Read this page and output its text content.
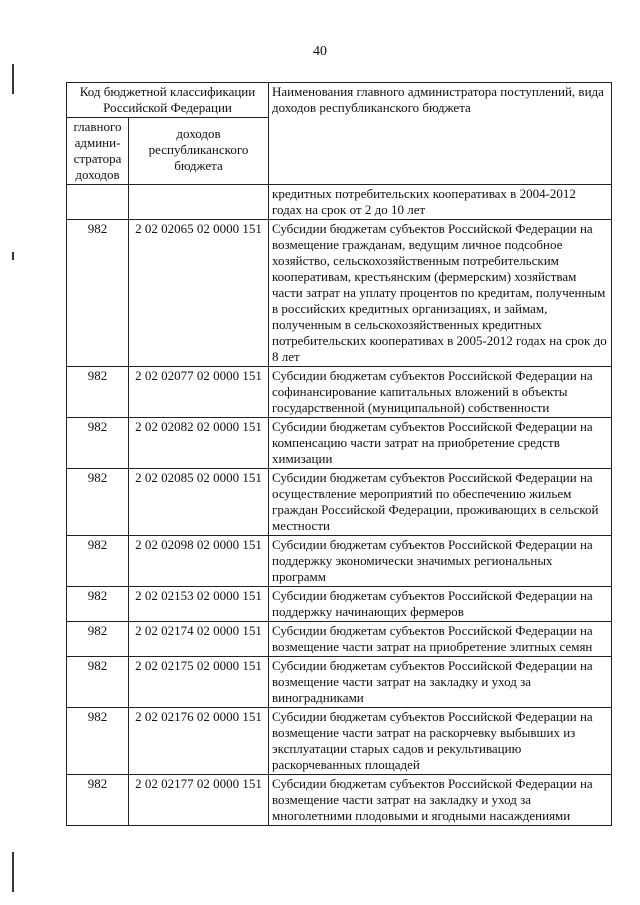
40
Код бюджетной классификации Российской Федерации		Наименования главного администратора поступлений, вида доходов республиканского бюджета
главного админи-стратора доходов	доходов республиканского бюджета	
		кредитных потребительских кооперативах в 2004-2012 годах на срок от 2 до 10 лет
982	2 02 02065 02 0000 151	Субсидии бюджетам субъектов Российской Федерации на возмещение гражданам, ведущим личное подсобное хозяйство, сельскохозяйственным потребительским кооперативам, крестьянским (фермерским) хозяйствам части затрат на уплату процентов по кредитам, полученным в российских кредитных организациях, и займам, полученным в сельскохозяйственных кредитных потребительских кооперативах в 2005-2012 годах на срок до 8 лет
982	2 02 02077 02 0000 151	Субсидии бюджетам субъектов Российской Федерации на софинансирование капитальных вложений в объекты государственной (муниципальной) собственности
982	2 02 02082 02 0000 151	Субсидии бюджетам субъектов Российской Федерации на компенсацию части затрат на приобретение средств химизации
982	2 02 02085 02 0000 151	Субсидии бюджетам субъектов Российской Федерации на осуществление мероприятий по обеспечению жильем граждан Российской Федерации, проживающих в сельской местности
982	2 02 02098 02 0000 151	Субсидии бюджетам субъектов Российской Федерации на поддержку экономически значимых региональных программ
982	2 02 02153 02 0000 151	Субсидии бюджетам субъектов Российской Федерации на поддержку начинающих фермеров
982	2 02 02174 02 0000 151	Субсидии бюджетам субъектов Российской Федерации на возмещение части затрат на приобретение элитных семян
982	2 02 02175 02 0000 151	Субсидии бюджетам субъектов Российской Федерации на возмещение части затрат на закладку и уход за виноградниками
982	2 02 02176 02 0000 151	Субсидии бюджетам субъектов Российской Федерации на возмещение части затрат на раскорчевку выбывших из эксплуатации старых садов и рекультивацию раскорчеванных площадей
982	2 02 02177 02 0000 151	Субсидии бюджетам субъектов Российской Федерации на возмещение части затрат на закладку и уход за многолетними плодовыми и ягодными насаждениями
